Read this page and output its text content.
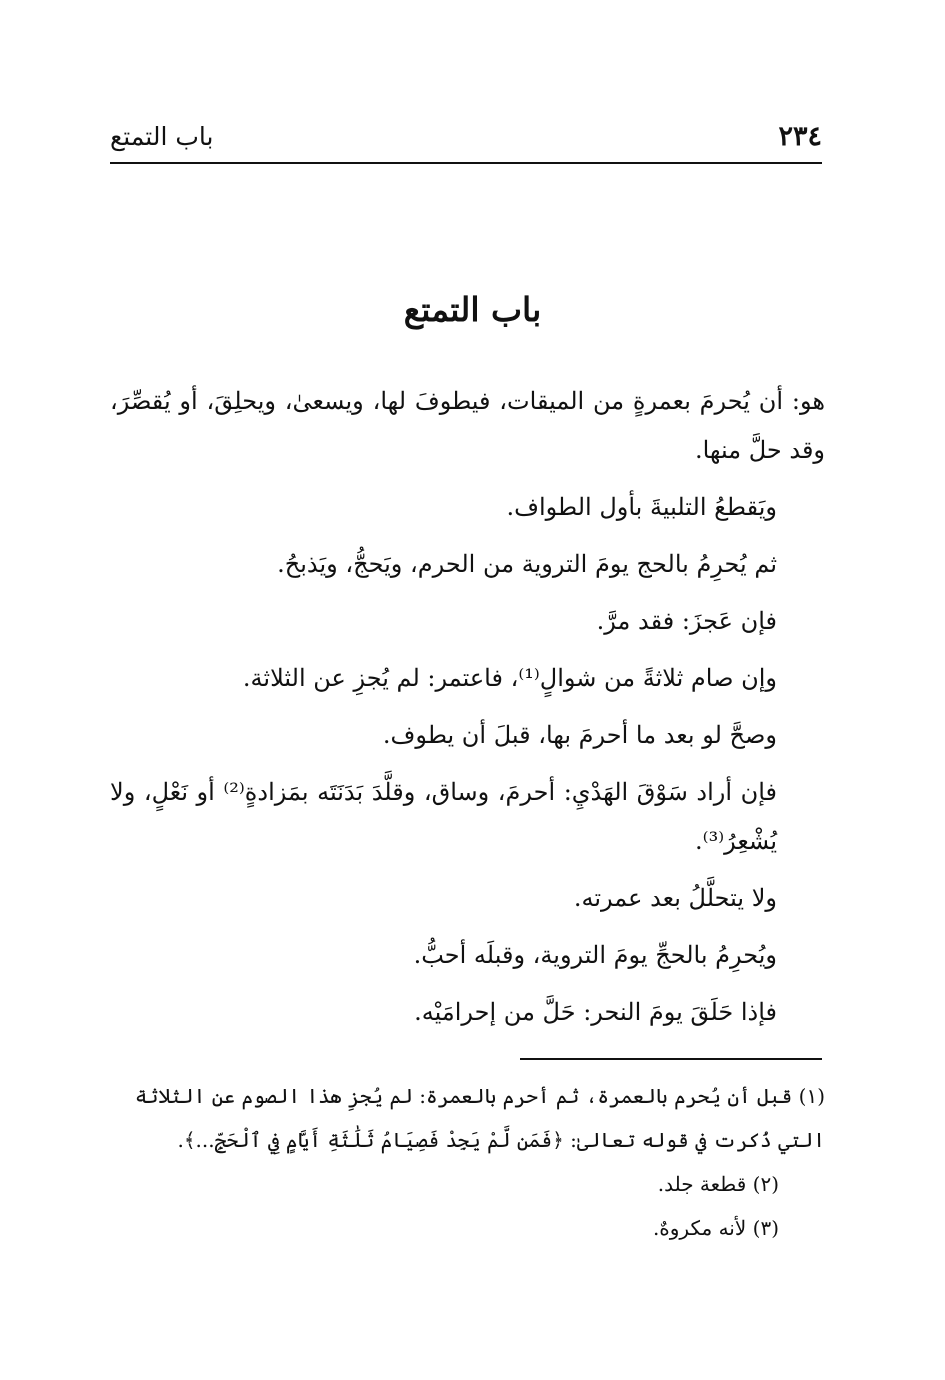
٢٣٤
باب التمتع
باب التمتع

هو: أن يُحرمَ بعمرةٍ من الميقات، فيطوفَ لها، ويسعىٰ، ويحلِقَ، أو يُقصِّرَ، وقد حلَّ منها.

ويَقطعُ التلبيةَ بأول الطواف.

ثم يُحرِمُ بالحج يومَ التروية من الحرم، ويَحجُّ، ويَذبحُ.

فإن عَجزَ: فقد مرَّ.

وإن صام ثلاثةً من شوالٍ⁽¹⁾، فاعتمر: لم يُجزِ عن الثلاثة.

وصحَّ لو بعد ما أحرمَ بها، قبلَ أن يطوف.

فإن أراد سَوْقَ الهَدْيِ: أحرمَ، وساق، وقلَّدَ بَدَنَتَه بمَزادةٍ⁽²⁾ أو نَعْلٍ، ولا يُشْعِرُ⁽³⁾.

ولا يتحلَّلُ بعد عمرته.

ويُحرِمُ بالحجِّ يومَ التروية، وقبلَه أحبُّ.

فإذا حَلَقَ يومَ النحر: حَلَّ من إحرامَيْه.

(١) قبل أن يُحرم بالعمرة، ثم أحرم بالعمرة: لم يُجزِ هذا الصوم عن الثلاثة التي ذُكرت في قوله تعالىٰ: ﴿فَمَن لَّمْ يَجِدْ فَصِيَامُ ثَلَٰثَةِ أَيَّامٍ فِي ٱلْحَجِّ...﴾.

(٢) قطعة جلد.

(٣) لأنه مكروهٌ.
